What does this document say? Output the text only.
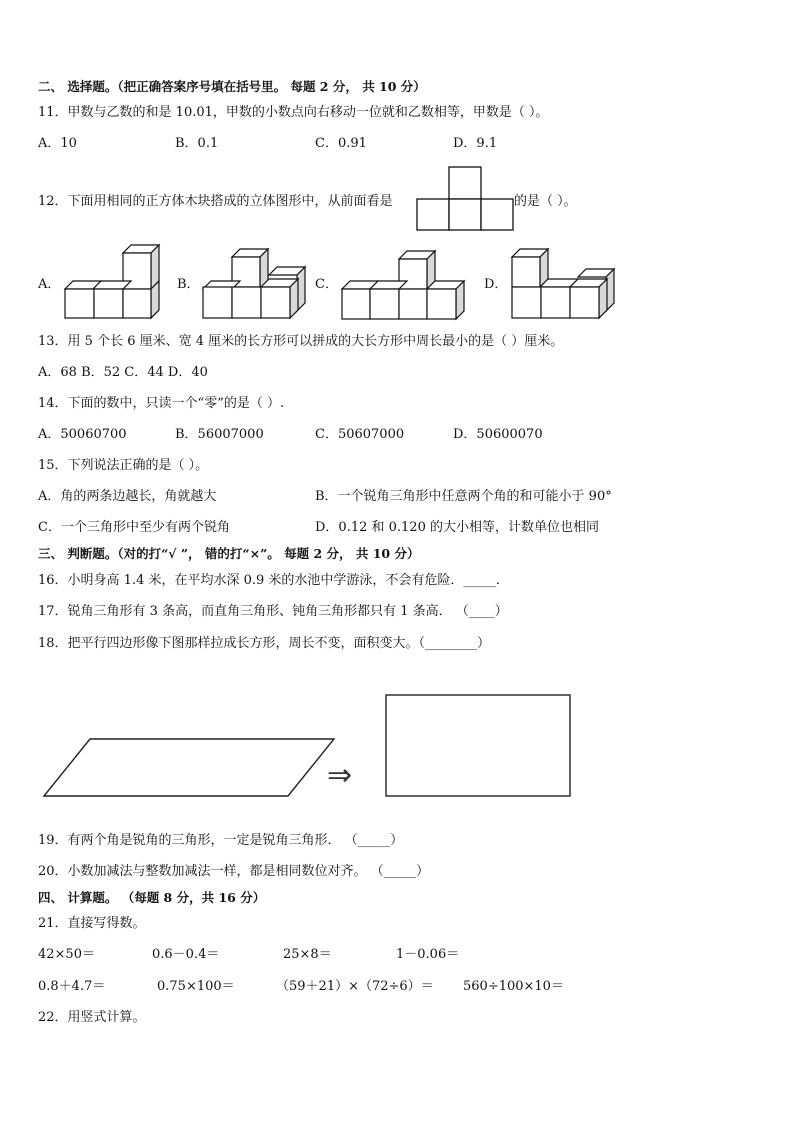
二、 选择题。（把正确答案序号填在括号里。 每题 2 分， 共 10 分）
11．甲数与乙数的和是 10.01，甲数的小数点向右移动一位就和乙数相等，甲数是（ ）。
A．10	B．0.1	C．0.91	D．9.1
12．下面用相同的正方体木块搭成的立体图形中，从前面看是	的是（ ）。
A．	B．	C．	D．
13．用 5 个长 6 厘米、宽 4 厘米的长方形可以拼成的大长方形中周长最小的是（ ）厘米。
A．68 B．52 C．44 D．40
14．下面的数中，只读一个“零”的是（ ）.
A．50060700	B．56007000	C．50607000	D．50600070
15．下列说法正确的是（ ）。
A．角的两条边越长，角就越大	B．一个锐角三角形中任意两个角的和可能小于 90°
C．一个三角形中至少有两个锐角	D．0.12 和 0.120 的大小相等，计数单位也相同
三、 判断题。（对的打“√ ”， 错的打“×”。 每题 2 分， 共 10 分）
16．小明身高 1.4 米，在平均水深 0.9 米的水池中学游泳，不会有危险．_____．
17．锐角三角形有 3 条高，而直角三角形、钝角三角形都只有 1 条高． （____）
18．把平行四边形像下图那样拉成长方形，周长不变，面积变大。（________）
⇒
19．有两个角是锐角的三角形，一定是锐角三角形． （_____）
20．小数加减法与整数加减法一样，都是相同数位对齐。 （_____）
四、 计算题。 （每题 8 分，共 16 分）
21．直接写得数。
42×50＝	0.6－0.4＝	25×8＝	1－0.06＝
0.8＋4.7＝	0.75×100＝	（59＋21）×（72÷6）＝ 560÷100×10＝
22．用竖式计算。
